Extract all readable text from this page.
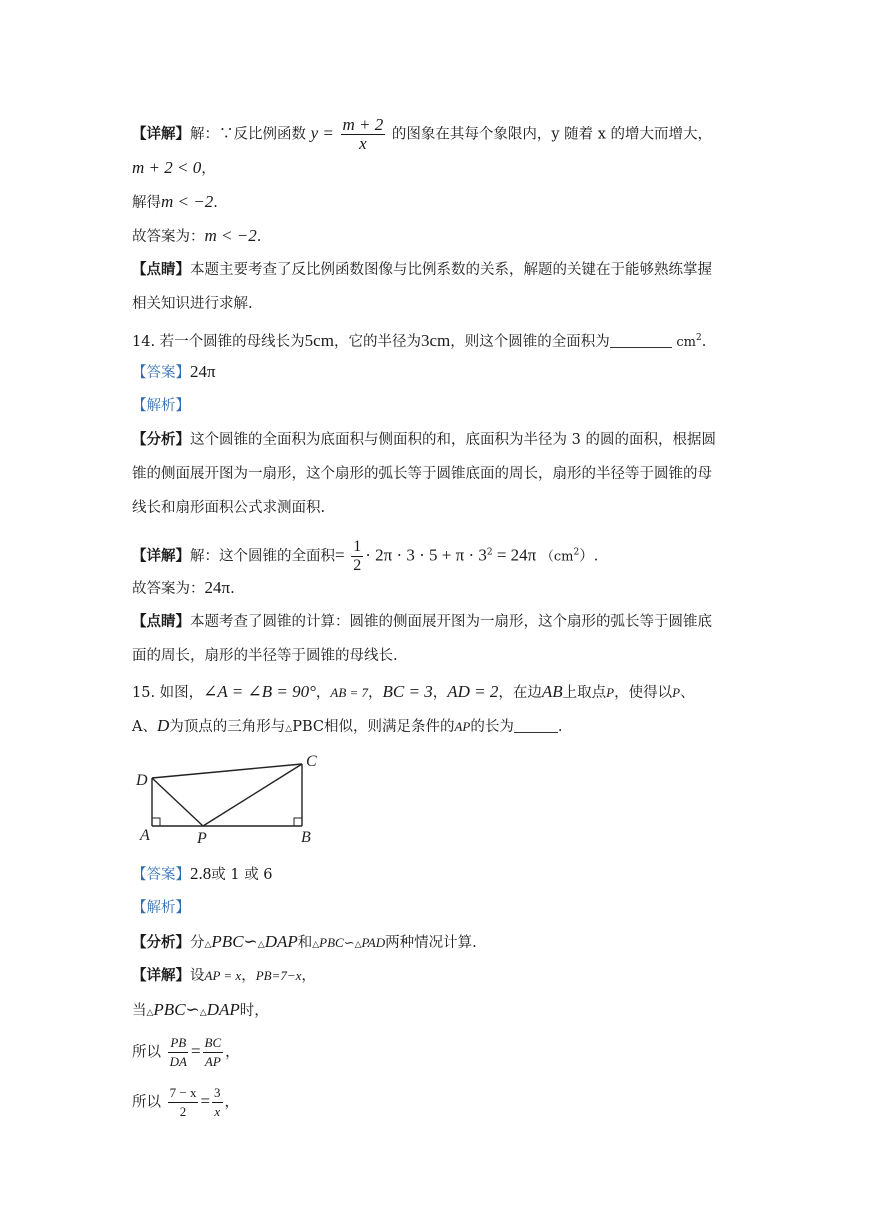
【详解】解：∵反比例函数 $y = \frac{m + 2}{x}$ 的图象在其每个象限内，y 随着 x 的增大而增大，
m + 2 < 0，
解得m < −2.
故答案为：m < −2.
【点睛】本题主要考查了反比例函数图像与比例系数的关系，解题的关键在于能够熟练掌握
相关知识进行求解.
14. 若一个圆锥的母线长为5cm，它的半径为3cm，则这个圆锥的全面积为	$cm^2$.
【答案】24π
【解析】
【分析】这个圆锥的全面积为底面积与侧面积的和，底面积为半径为 3 的圆的面积，根据圆
锥的侧面展开图为一扇形，这个扇形的弧长等于圆锥底面的周长，扇形的半径等于圆锥的母
线长和扇形面积公式求测面积.
【详解】解：这个圆锥的全面积= $\frac{1}{2} \cdot 2\pi \cdot 3 \cdot 5 + \pi \cdot 3^2 = 24\pi$ $(cm^2)$.
故答案为：24π.
【点睛】本题考查了圆锥的计算：圆锥的侧面展开图为一扇形，这个扇形的弧长等于圆锥底
面的周长，扇形的半径等于圆锥的母线长.
15. 如图，∠A = ∠B = 90°，AB = 7，BC = 3，AD = 2，在边AB上取点P，使得以P、
A、D为顶点的三角形与△PBC相似，则满足条件的AP的长为	.
D
C
A	P	B
【答案】2.8或 1 或 6
【解析】
【分析】分△PBC∽△DAP和△PBC∽△PAD两种情况计算.
【详解】设AP = x，PB=7−x，
当△PBC∽△DAP时，
所以 $\frac{PB}{DA} = \frac{BC}{AP}$ ，
所以 $\frac{7 - x}{2} = \frac{3}{x}$ ，
